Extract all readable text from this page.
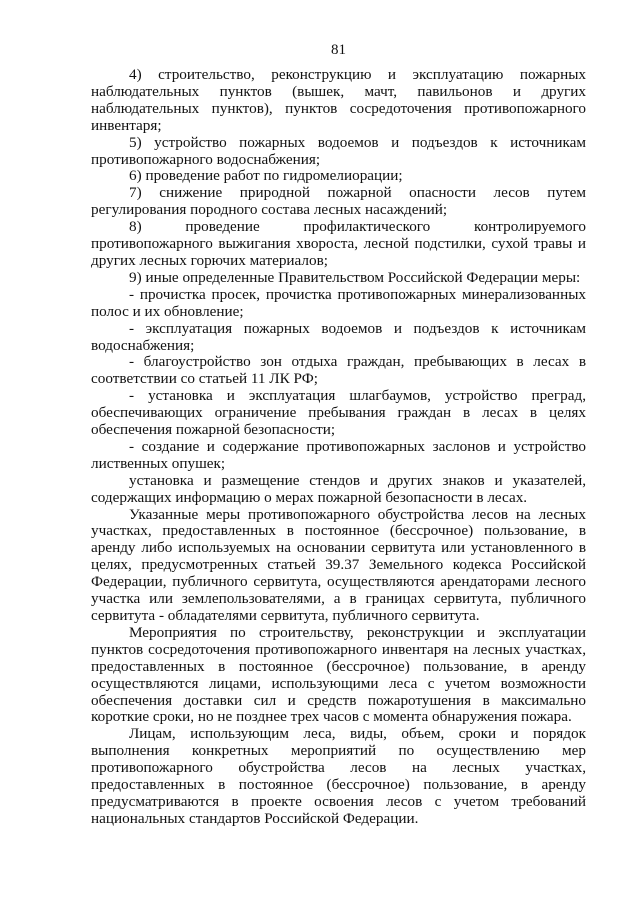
81

4) строительство, реконструкцию и эксплуатацию пожарных наблюдательных пунктов (вышек, мачт, павильонов и других наблюдательных пунктов), пунктов сосредоточения противопожарного инвентаря;

5) устройство пожарных водоемов и подъездов к источникам противопожарного водоснабжения;

6) проведение работ по гидромелиорации;

7) снижение природной пожарной опасности лесов путем регулирования породного состава лесных насаждений;

8) проведение профилактического контролируемого противопожарного выжигания хвороста, лесной подстилки, сухой травы и других лесных горючих материалов;

9) иные определенные Правительством Российской Федерации меры:

- прочистка просек, прочистка противопожарных минерализованных полос и их обновление;

- эксплуатация пожарных водоемов и подъездов к источникам водоснабжения;

- благоустройство зон отдыха граждан, пребывающих в лесах в соответствии со статьей 11 ЛК РФ;

- установка и эксплуатация шлагбаумов, устройство преград, обеспечивающих ограничение пребывания граждан в лесах в целях обеспечения пожарной безопасности;

- создание и содержание противопожарных заслонов и устройство лиственных опушек;

установка и размещение стендов и других знаков и указателей, содержащих информацию о мерах пожарной безопасности в лесах.

Указанные меры противопожарного обустройства лесов на лесных участках, предоставленных в постоянное (бессрочное) пользование, в аренду либо используемых на основании сервитута или установленного в целях, предусмотренных статьей 39.37 Земельного кодекса Российской Федерации, публичного сервитута, осуществляются арендаторами лесного участка или землепользователями, а в границах сервитута, публичного сервитута - обладателями сервитута, публичного сервитута.

Мероприятия по строительству, реконструкции и эксплуатации пунктов сосредоточения противопожарного инвентаря на лесных участках, предоставленных в постоянное (бессрочное) пользование, в аренду осуществляются лицами, использующими леса с учетом возможности обеспечения доставки сил и средств пожаротушения в максимально короткие сроки, но не позднее трех часов с момента обнаружения пожара.

Лицам, использующим леса, виды, объем, сроки и порядок выполнения конкретных мероприятий по осуществлению мер противопожарного обустройства лесов на лесных участках, предоставленных в постоянное (бессрочное) пользование, в аренду предусматриваются в проекте освоения лесов с учетом требований национальных стандартов Российской Федерации.
